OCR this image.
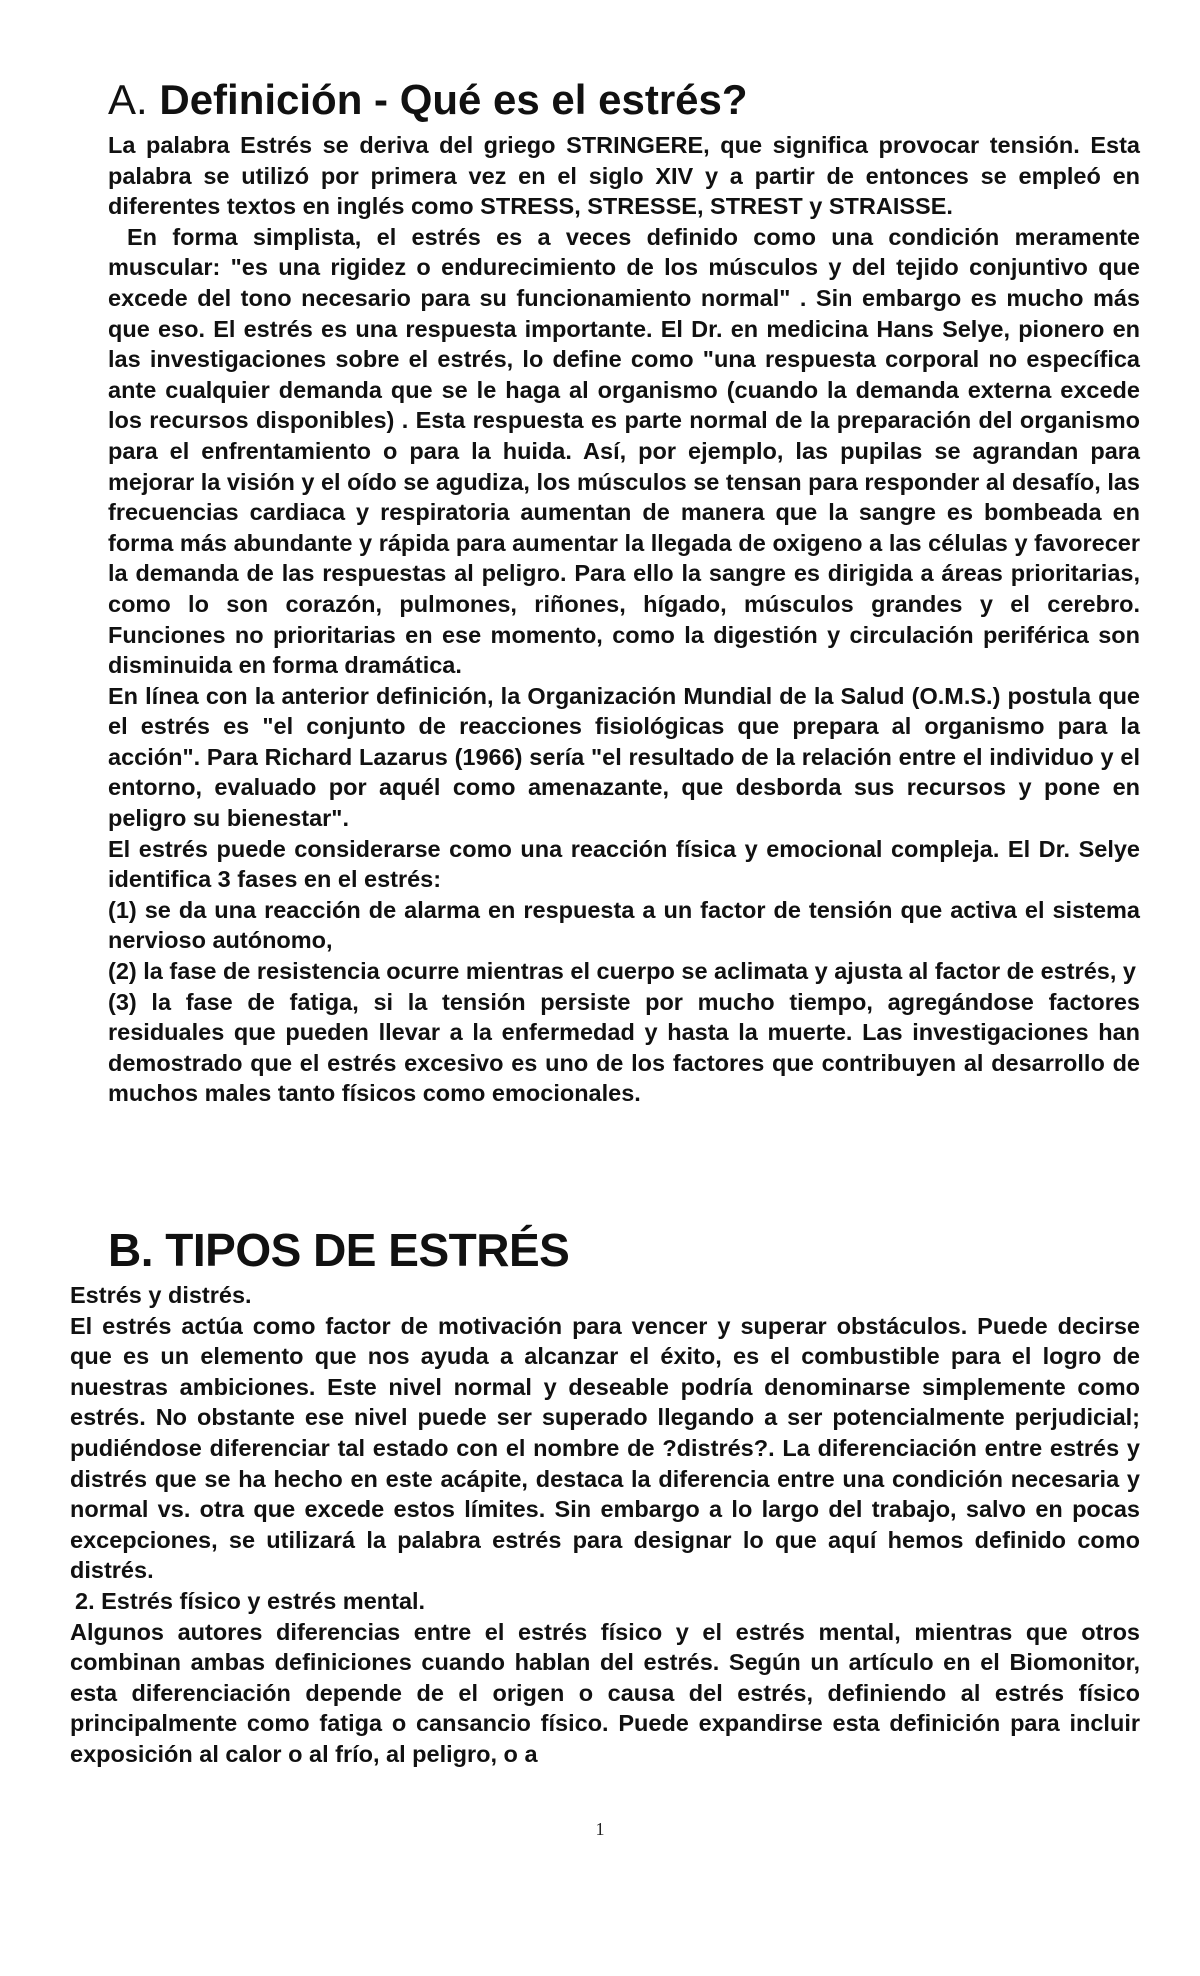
A. Definición - Qué es el estrés?

La palabra Estrés se deriva del griego STRINGERE, que significa provocar tensión. Esta palabra se utilizó por primera vez en el siglo XIV y a partir de entonces se empleó en diferentes textos en inglés como STRESS, STRESSE, STREST y STRAISSE.

En forma simplista, el estrés es a veces definido como una condición meramente muscular: "es una rigidez o endurecimiento de los músculos y del tejido conjuntivo que excede del tono necesario para su funcionamiento normal" . Sin embargo es mucho más que eso. El estrés es una respuesta importante. El Dr. en medicina Hans Selye, pionero en las investigaciones sobre el estrés, lo define como "una respuesta corporal no específica ante cualquier demanda que se le haga al organismo (cuando la demanda externa excede los recursos disponibles) . Esta respuesta es parte normal de la preparación del organismo para el enfrentamiento o para la huida. Así, por ejemplo, las pupilas se agrandan para mejorar la visión y el oído se agudiza, los músculos se tensan para responder al desafío, las frecuencias cardiaca y respiratoria aumentan de manera que la sangre es bombeada en forma más abundante y rápida para aumentar la llegada de oxigeno a las células y favorecer la demanda de las respuestas al peligro. Para ello la sangre es dirigida a áreas prioritarias, como lo son corazón, pulmones, riñones, hígado, músculos grandes y el cerebro. Funciones no prioritarias en ese momento, como la digestión y circulación periférica son disminuida en forma dramática.

En línea con la anterior definición, la Organización Mundial de la Salud (O.M.S.) postula que el estrés es "el conjunto de reacciones fisiológicas que prepara al organismo para la acción". Para Richard Lazarus (1966) sería "el resultado de la relación entre el individuo y el entorno, evaluado por aquél como amenazante, que desborda sus recursos y pone en peligro su bienestar".

El estrés puede considerarse como una reacción física y emocional compleja. El Dr. Selye identifica 3 fases en el estrés:

(1) se da una reacción de alarma en respuesta a un factor de tensión que activa el sistema nervioso autónomo,

(2) la fase de resistencia ocurre mientras el cuerpo se aclimata y ajusta al factor de estrés, y

(3) la fase de fatiga, si la tensión persiste por mucho tiempo, agregándose factores residuales que pueden llevar a la enfermedad y hasta la muerte. Las investigaciones han demostrado que el estrés excesivo es uno de los factores que contribuyen al desarrollo de muchos males tanto físicos como emocionales.

B. TIPOS DE ESTRÉS

Estrés y distrés.

El estrés actúa como factor de motivación para vencer y superar obstáculos. Puede decirse que es un elemento que nos ayuda a alcanzar el éxito, es el combustible para el logro de nuestras ambiciones. Este nivel normal y deseable podría denominarse simplemente como estrés. No obstante ese nivel puede ser superado llegando a ser potencialmente perjudicial; pudiéndose diferenciar tal estado con el nombre de ?distrés?. La diferenciación entre estrés y distrés que se ha hecho en este acápite, destaca la diferencia entre una condición necesaria y normal vs. otra que excede estos límites. Sin embargo a lo largo del trabajo, salvo en pocas excepciones, se utilizará la palabra estrés para designar lo que aquí hemos definido como distrés.

2. Estrés físico y estrés mental.

Algunos autores diferencias entre el estrés físico y el estrés mental, mientras que otros combinan ambas definiciones cuando hablan del estrés. Según un artículo en el Biomonitor, esta diferenciación depende de el origen o causa del estrés, definiendo al estrés físico principalmente como fatiga o cansancio físico. Puede expandirse esta definición para incluir exposición al calor o al frío, al peligro, o a

1
